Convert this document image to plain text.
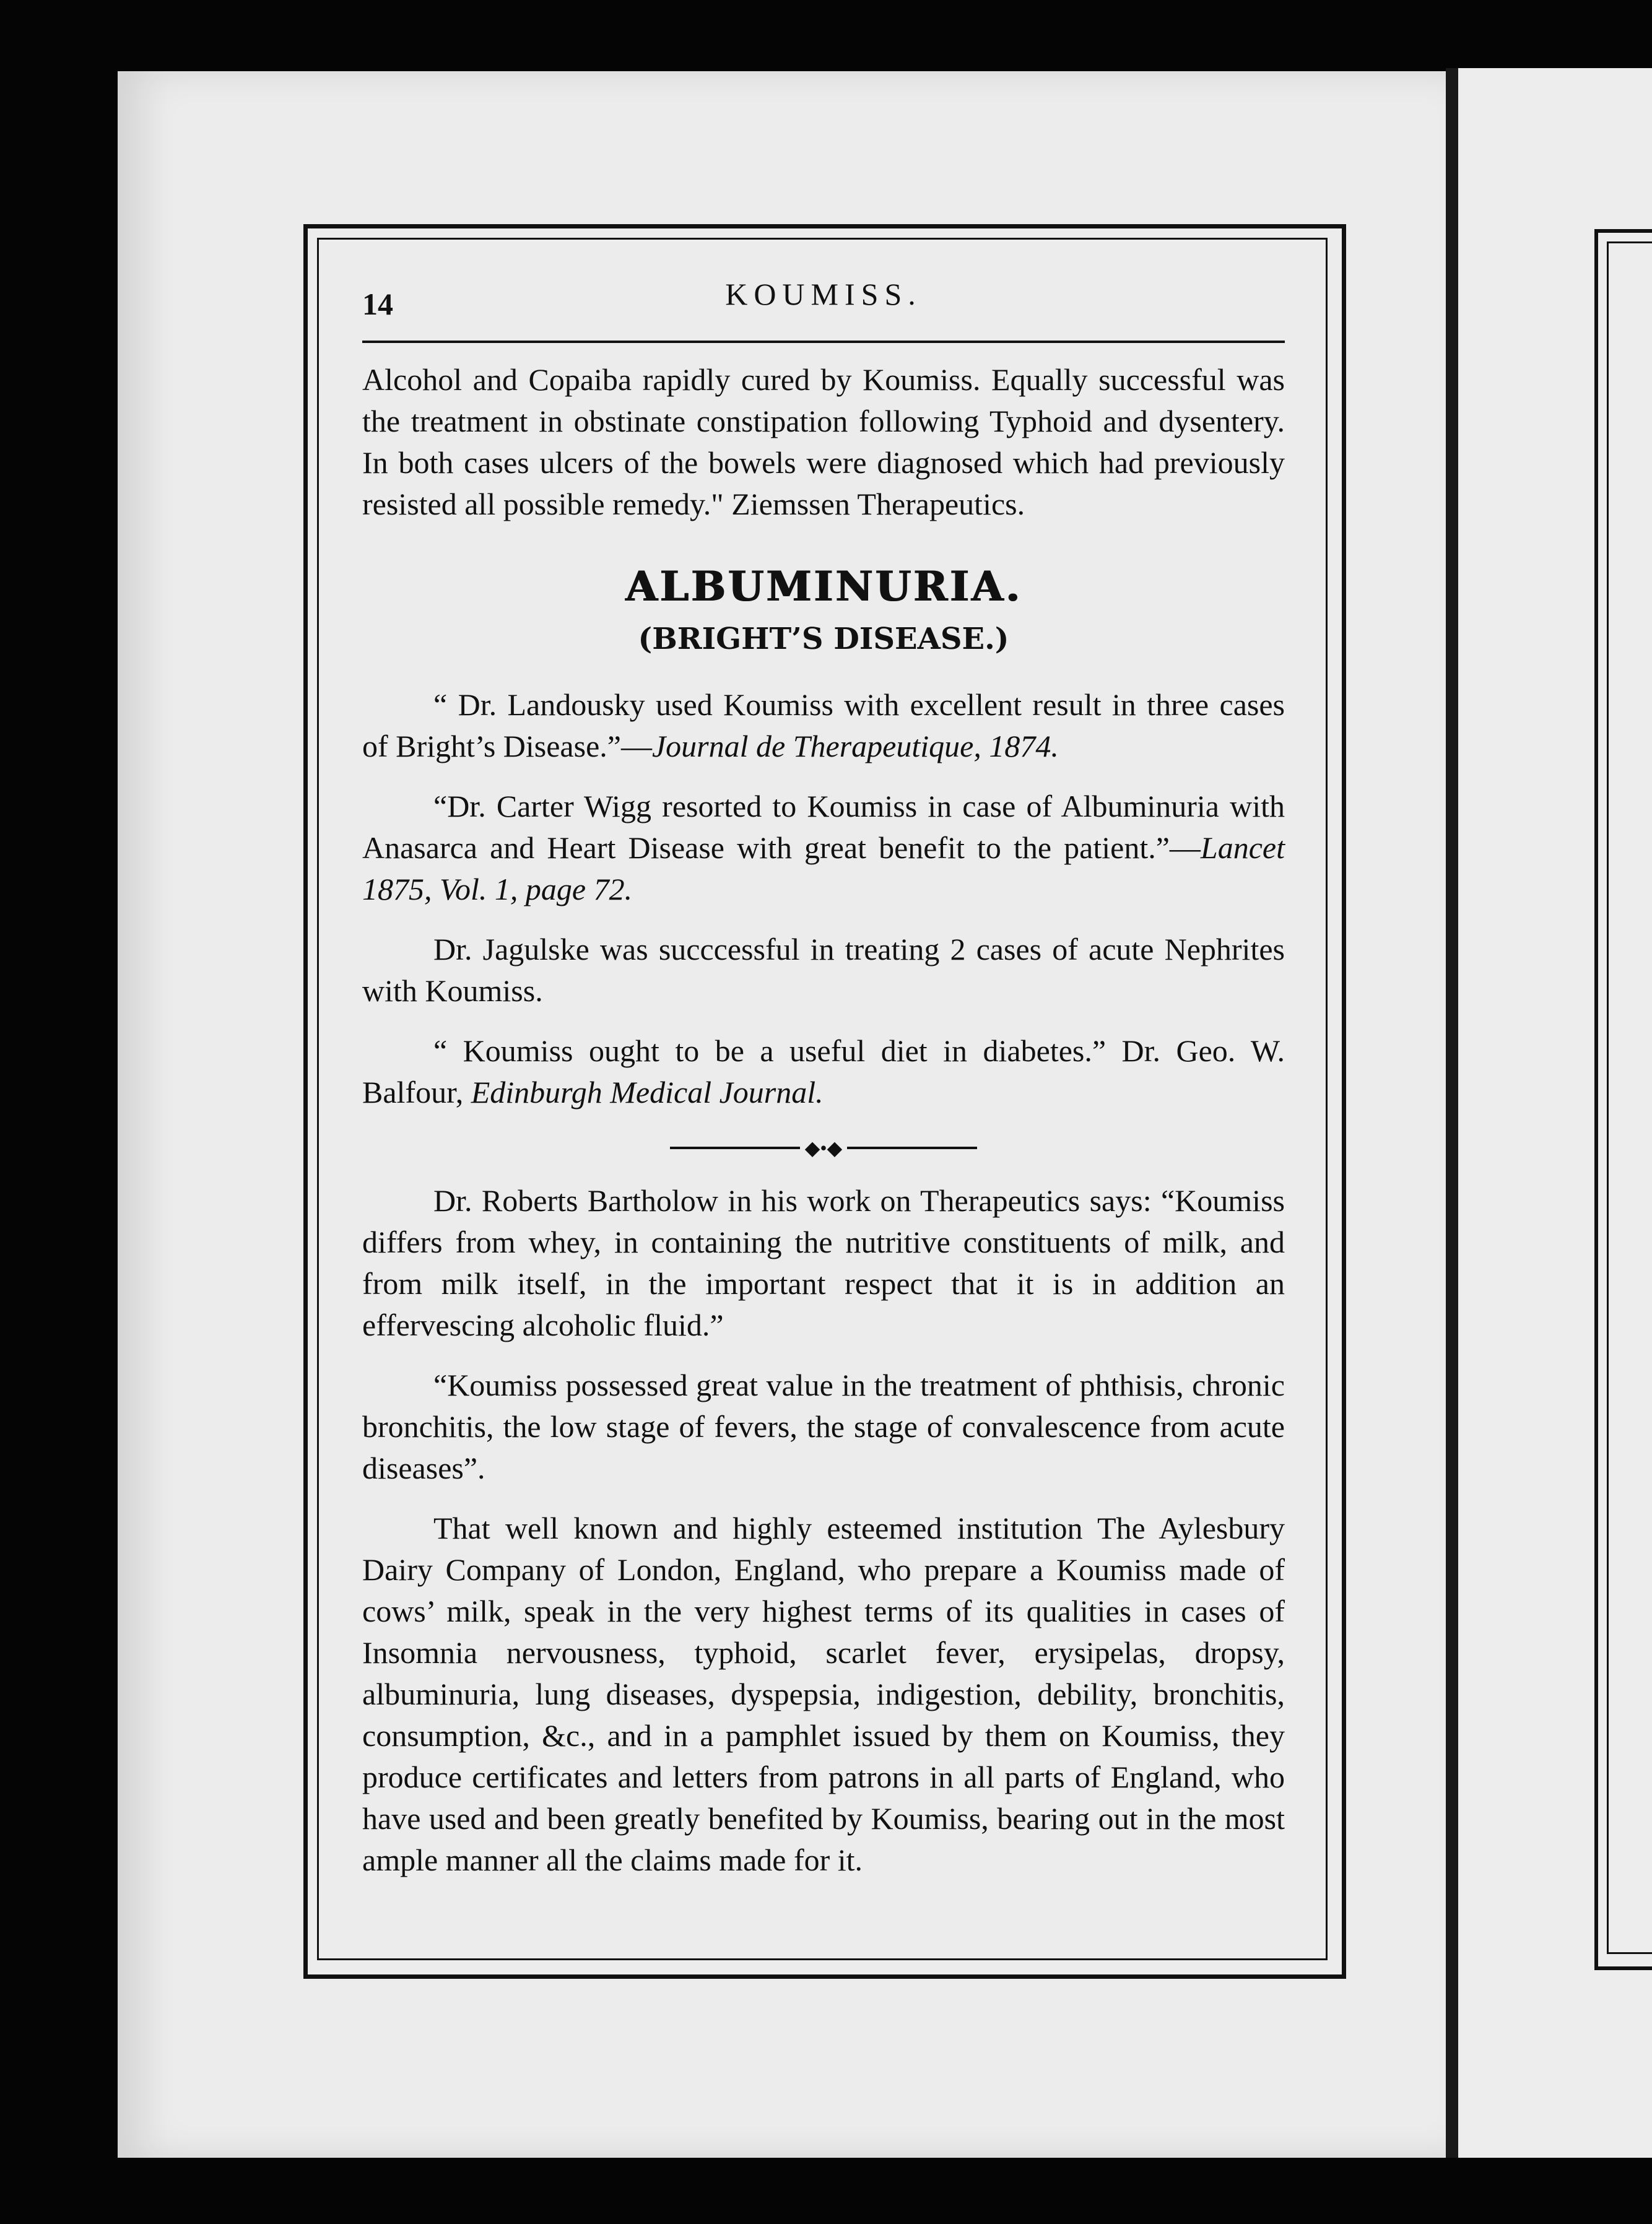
14	KOUMISS.

Alcohol and Copaiba rapidly cured by Koumiss. Equally successful was the treatment in obstinate constipation following Typhoid and dysentery. In both cases ulcers of the bowels were diagnosed which had previously resisted all possible remedy." Ziemssen Therapeutics.

ALBUMINURIA.
(BRIGHT’S DISEASE.)

“ Dr. Landousky used Koumiss with excellent result in three cases of Bright’s Disease.”—Journal de Therapeutique, 1874.

“Dr. Carter Wigg resorted to Koumiss in case of Albuminuria with Anasarca and Heart Disease with great benefit to the patient.”—Lancet 1875, Vol. 1, page 72.

Dr. Jagulske was succcessful in treating 2 cases of acute Nephrites with Koumiss.

“ Koumiss ought to be a useful diet in diabetes.” Dr. Geo. W. Balfour, Edinburgh Medical Journal.

◆•◆

Dr. Roberts Bartholow in his work on Therapeutics says: “Koumiss differs from whey, in containing the nutritive constituents of milk, and from milk itself, in the important respect that it is in addition an effervescing alcoholic fluid.”

“Koumiss possessed great value in the treatment of phthisis, chronic bronchitis, the low stage of fevers, the stage of convalescence from acute diseases”.

That well known and highly esteemed institution The Aylesbury Dairy Company of London, England, who prepare a Koumiss made of cows’ milk, speak in the very highest terms of its qualities in cases of Insomnia nervousness, typhoid, scarlet fever, erysipelas, dropsy, albuminuria, lung diseases, dyspepsia, indigestion, debility, bronchitis, consumption, &c., and in a pamphlet issued by them on Koumiss, they produce certificates and letters from patrons in all parts of England, who have used and been greatly benefited by Koumiss, bearing out in the most ample manner all the claims made for it.
